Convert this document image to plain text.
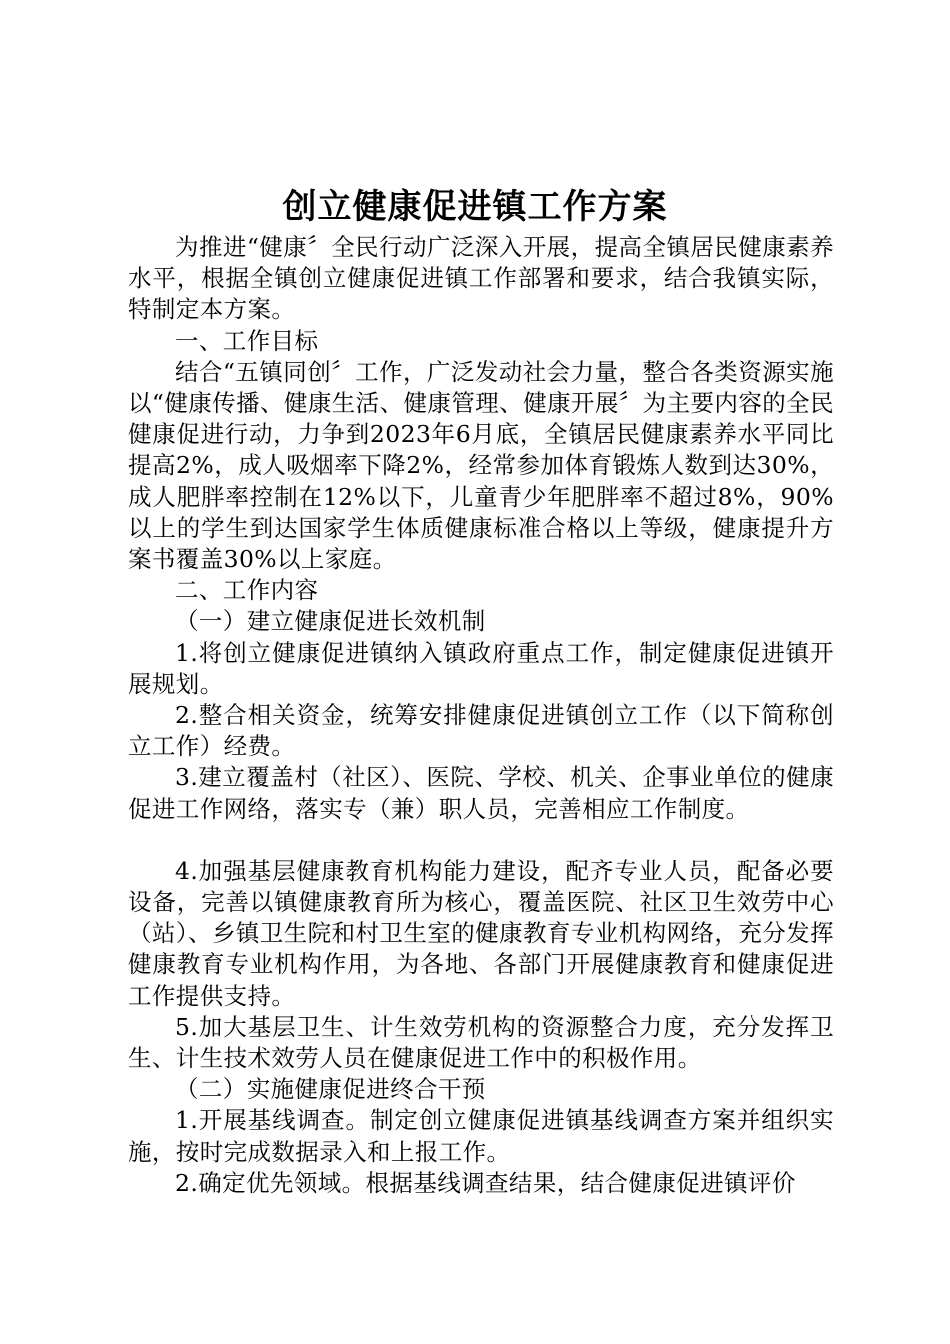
创立健康促进镇工作方案

为推进“健康〞全民行动广泛深入开展，提高全镇居民健康素养水平，根据全镇创立健康促进镇工作部署和要求，结合我镇实际，特制定本方案。

一、工作目标

结合“五镇同创〞工作，广泛发动社会力量，整合各类资源实施以“健康传播、健康生活、健康管理、健康开展〞为主要内容的全民健康促进行动，力争到2023年6月底，全镇居民健康素养水平同比提高2%，成人吸烟率下降2%，经常参加体育锻炼人数到达30%，成人肥胖率控制在12%以下，儿童青少年肥胖率不超过8%，90%以上的学生到达国家学生体质健康标准合格以上等级，健康提升方案书覆盖30%以上家庭。

二、工作内容

（一）建立健康促进长效机制

1.将创立健康促进镇纳入镇政府重点工作，制定健康促进镇开展规划。

2.整合相关资金，统筹安排健康促进镇创立工作（以下简称创立工作）经费。

3.建立覆盖村（社区）、医院、学校、机关、企事业单位的健康促进工作网络，落实专（兼）职人员，完善相应工作制度。

4.加强基层健康教育机构能力建设，配齐专业人员，配备必要设备，完善以镇健康教育所为核心，覆盖医院、社区卫生效劳中心（站）、乡镇卫生院和村卫生室的健康教育专业机构网络，充分发挥健康教育专业机构作用，为各地、各部门开展健康教育和健康促进工作提供支持。

5.加大基层卫生、计生效劳机构的资源整合力度，充分发挥卫生、计生技术效劳人员在健康促进工作中的积极作用。

（二）实施健康促进终合干预

1.开展基线调查。制定创立健康促进镇基线调查方案并组织实施，按时完成数据录入和上报工作。

2.确定优先领域。根据基线调查结果，结合健康促进镇评价
